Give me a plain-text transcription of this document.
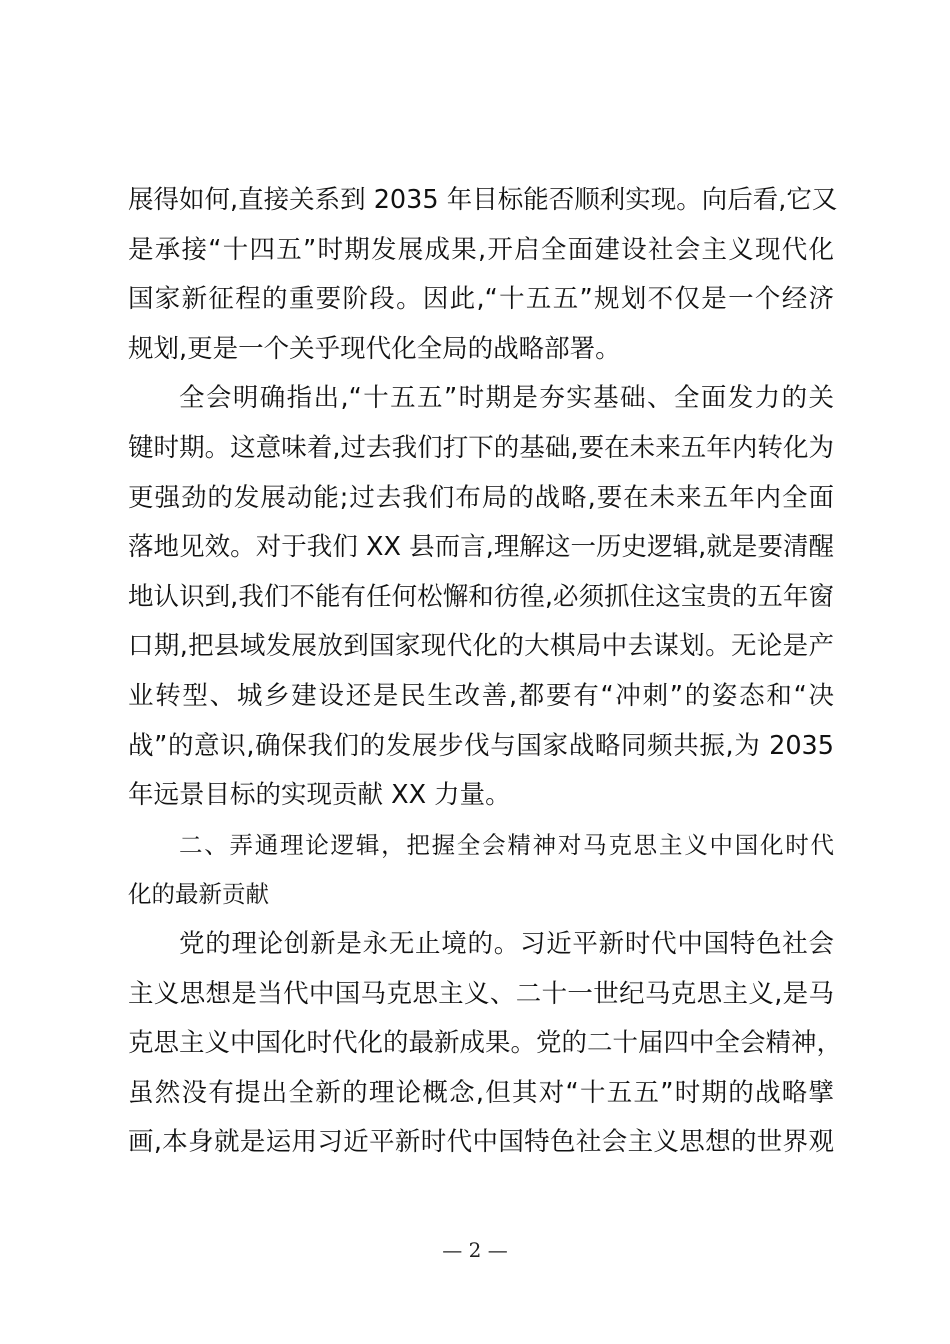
展得如何,直接关系到 2035 年目标能否顺利实现。向后看,它又
是承接“十四五”时期发展成果,开启全面建设社会主义现代化
国家新征程的重要阶段。因此,“十五五”规划不仅是一个经济
规划,更是一个关乎现代化全局的战略部署。
全会明确指出,“十五五”时期是夯实基础、全面发力的关
键时期。这意味着,过去我们打下的基础,要在未来五年内转化为
更强劲的发展动能;过去我们布局的战略,要在未来五年内全面
落地见效。对于我们 XX 县而言,理解这一历史逻辑,就是要清醒
地认识到,我们不能有任何松懈和彷徨,必须抓住这宝贵的五年窗
口期,把县域发展放到国家现代化的大棋局中去谋划。无论是产
业转型、城乡建设还是民生改善,都要有“冲刺”的姿态和“决
战”的意识,确保我们的发展步伐与国家战略同频共振,为 2035
年远景目标的实现贡献 XX 力量。
二、弄通理论逻辑，把握全会精神对马克思主义中国化时代
化的最新贡献
党的理论创新是永无止境的。习近平新时代中国特色社会
主义思想是当代中国马克思主义、二十一世纪马克思主义,是马
克思主义中国化时代化的最新成果。党的二十届四中全会精神，
虽然没有提出全新的理论概念,但其对“十五五”时期的战略擘
画,本身就是运用习近平新时代中国特色社会主义思想的世界观
— 2 —
